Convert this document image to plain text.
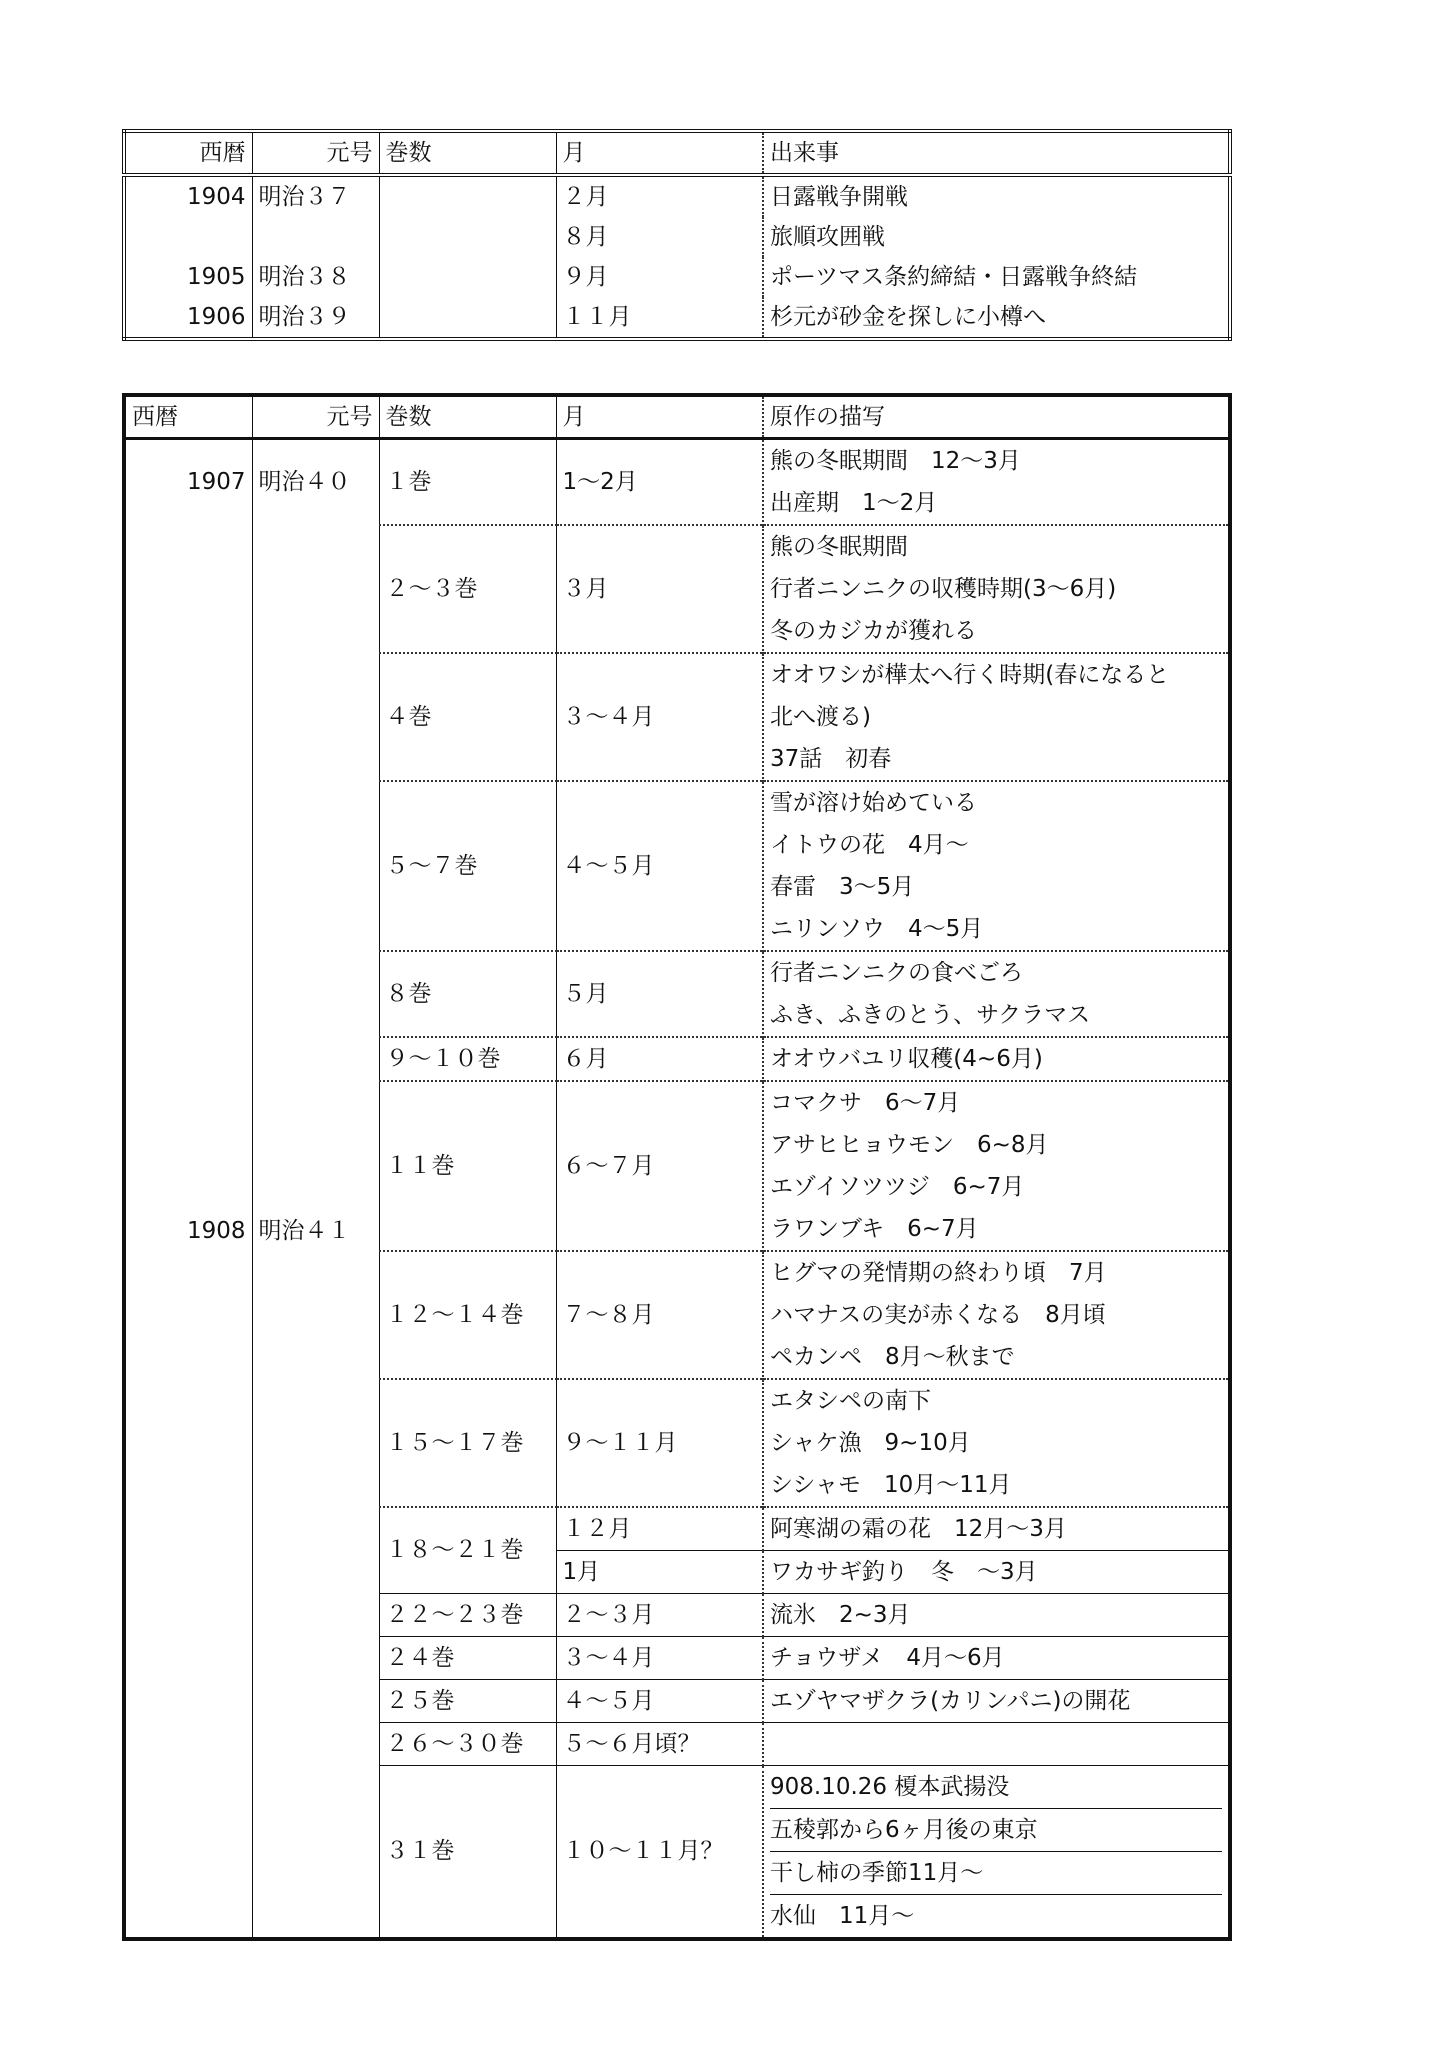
西暦	元号	巻数	月	出来事
1904	明治３７		２月	日露戦争開戦
			８月	旅順攻囲戦
1905	明治３８		９月	ポーツマス条約締結・日露戦争終結
1906	明治３９		１１月	杉元が砂金を探しに小樽へ
西暦	元号	巻数	月	原作の描写
1907	明治４０	１巻	1〜2月	熊の冬眠期間　12〜3月
出産期　1〜2月

1908	明治４１	２〜３巻	３月	熊の冬眠期間
行者ニンニクの収穫時期(3〜6月)
冬のカジカが獲れる

		４巻	３〜４月	オオワシが樺太へ行く時期(春になると
北へ渡る)
37話　初春

		５〜７巻	４〜５月	雪が溶け始めている
イトウの花　4月〜
春雷　3〜5月
ニリンソウ　4〜5月

		８巻	５月	行者ニンニクの食べごろ
ふき、ふきのとう、サクラマス

		９〜１０巻	６月	オオウバユリ収穫(4~6月)

		１１巻	６〜７月	コマクサ　6〜7月
アサヒヒョウモン　6~8月
エゾイソツツジ　6~7月
ラワンブキ　6~7月

		１２〜１４巻	７〜８月	ヒグマの発情期の終わり頃　7月
ハマナスの実が赤くなる　8月頃
ペカンペ　8月〜秋まで

		１５〜１７巻	９〜１１月	エタシペの南下
シャケ漁　9~10月
シシャモ　10月〜11月

		１８〜２１巻	１２月	阿寒湖の霜の花　12月〜3月
			1月	ワカサギ釣り　冬　〜3月
		２２〜２３巻	２〜３月	流氷　2~3月

		２４巻	３〜４月	チョウザメ　4月〜6月

		２５巻	４〜５月	エゾヤマザクラ(カリンパニ)の開花

		２６〜３０巻	５〜６月頃？	

		３１巻	１０〜１１月？	908.10.26 榎本武揚没
五稜郭から6ヶ月後の東京
干し柿の季節11月〜
水仙　11月〜
